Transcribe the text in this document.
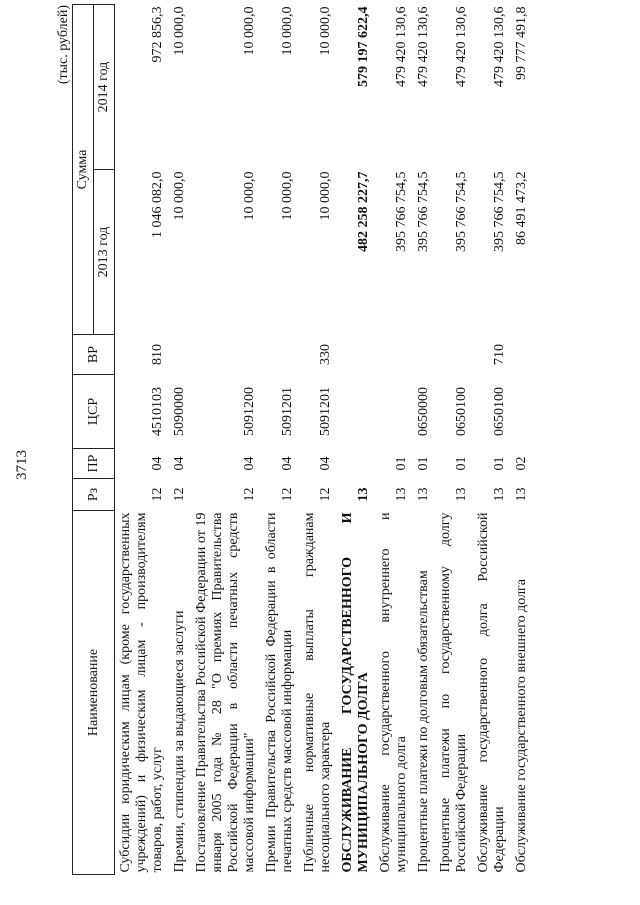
3713
(тыс. рублей)
Наименование	Рз	ПР	ЦСР	ВР	Сумма	
					2013 год	2014 год
Субсидии юридическим лицам (кроме государственных учреждений) и физическим лицам - производителям товаров, работ, услуг	12	04	4510103	810	1 046 082,0	972 856,3
Премии, стипендии за выдающиеся заслуги	12	04	5090000		10 000,0	10 000,0
Постановление Правительства Российской Федерации от 19 января 2005 года № 28 "О премиях Правительства Российской Федерации в области печатных средств массовой информации"	12	04	5091200		10 000,0	10 000,0
Премии Правительства Российской Федерации в области печатных средств массовой информации	12	04	5091201		10 000,0	10 000,0
Публичные нормативные выплаты гражданам несоциального характера	12	04	5091201	330	10 000,0	10 000,0
ОБСЛУЖИВАНИЕ ГОСУДАРСТВЕННОГО И МУНИЦИПАЛЬНОГО ДОЛГА	13				482 258 227,7	579 197 622,4
Обслуживание государственного внутреннего и муниципального долга	13	01			395 766 754,5	479 420 130,6
Процентные платежи по долговым обязательствам	13	01	0650000		395 766 754,5	479 420 130,6
Процентные платежи по государственному долгу Российской Федерации	13	01	0650100		395 766 754,5	479 420 130,6
Обслуживание государственного долга Российской Федерации	13	01	0650100	710	395 766 754,5	479 420 130,6
Обслуживание государственного внешнего долга	13	02			86 491 473,2	99 777 491,8
